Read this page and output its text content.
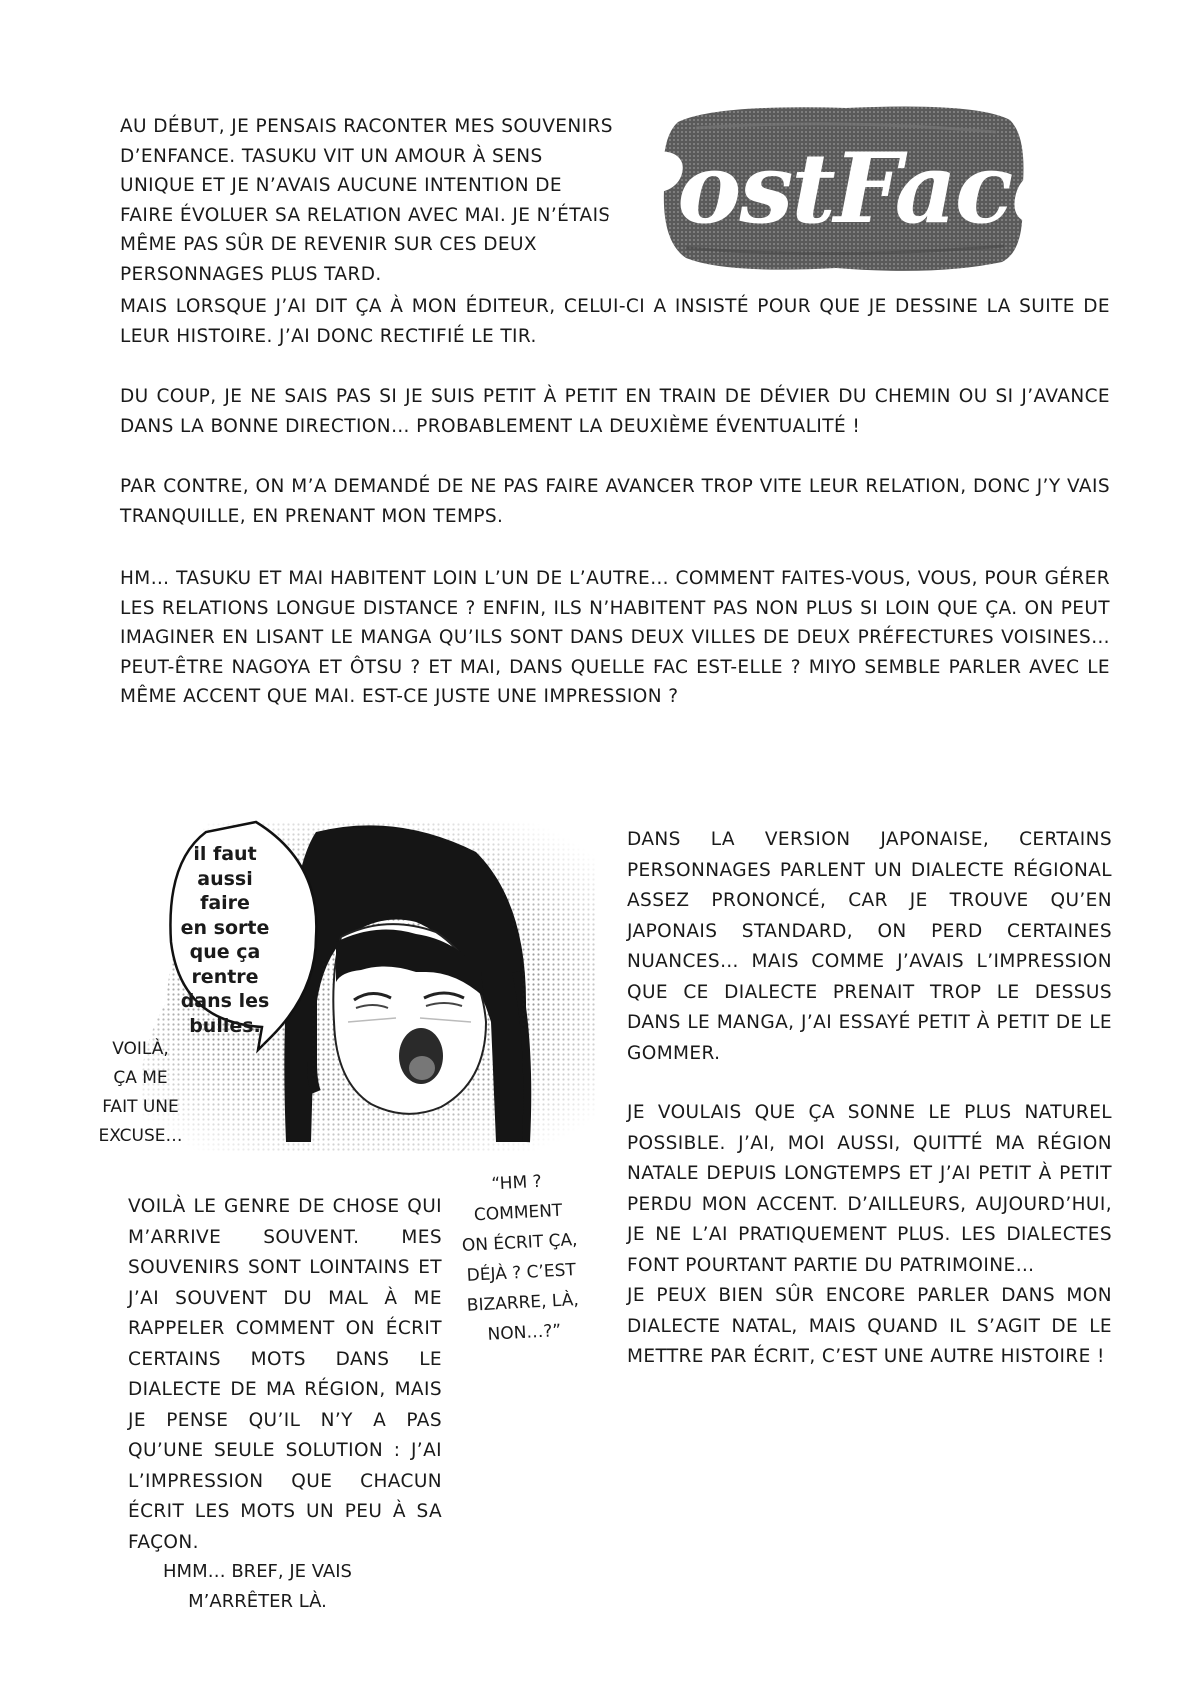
AU DÉBUT, JE PENSAIS RACONTER MES SOUVENIRS D’ENFANCE. TASUKU VIT UN AMOUR À SENS UNIQUE ET JE N’AVAIS AUCUNE INTENTION DE FAIRE ÉVOLUER SA RELATION AVEC MAI. JE N’ÉTAIS MÊME PAS SÛR DE REVENIR SUR CES DEUX PERSONNAGES PLUS TARD.

PostFace

MAIS LORSQUE J’AI DIT ÇA À MON ÉDITEUR, CELUI-CI A INSISTÉ POUR QUE JE DESSINE LA SUITE DE LEUR HISTOIRE. J’AI DONC RECTIFIÉ LE TIR.

DU COUP, JE NE SAIS PAS SI JE SUIS PETIT À PETIT EN TRAIN DE DÉVIER DU CHEMIN OU SI J’AVANCE DANS LA BONNE DIRECTION… PROBABLEMENT LA DEUXIÈME ÉVENTUALITÉ !

PAR CONTRE, ON M’A DEMANDÉ DE NE PAS FAIRE AVANCER TROP VITE LEUR RELATION, DONC J’Y VAIS TRANQUILLE, EN PRENANT MON TEMPS.

HM… TASUKU ET MAI HABITENT LOIN L’UN DE L’AUTRE… COMMENT FAITES-VOUS, VOUS, POUR GÉRER LES RELATIONS LONGUE DISTANCE ? ENFIN, ILS N’HABITENT PAS NON PLUS SI LOIN QUE ÇA. ON PEUT IMAGINER EN LISANT LE MANGA QU’ILS SONT DANS DEUX VILLES DE DEUX PRÉFECTURES VOISINES… PEUT-ÊTRE NAGOYA ET ÔTSU ? ET MAI, DANS QUELLE FAC EST-ELLE ? MIYO SEMBLE PARLER AVEC LE MÊME ACCENT QUE MAI. EST-CE JUSTE UNE IMPRESSION ?

il faut
aussi faire
en sorte
que ça
rentre
dans les
bulles.
VOILÀ,
ÇA ME
FAIT UNE
EXCUSE…
“HM ?
COMMENT
ON ÉCRIT ÇA,
DÉJÀ ? C’EST
BIZARRE, LÀ,
NON…?”

VOILÀ LE GENRE DE CHOSE QUI M’ARRIVE SOUVENT. MES SOUVENIRS SONT LOINTAINS ET J’AI SOUVENT DU MAL À ME RAPPELER COMMENT ON ÉCRIT CERTAINS MOTS DANS LE DIALECTE DE MA RÉGION, MAIS JE PENSE QU’IL N’Y A PAS QU’UNE SEULE SOLUTION : J’AI L’IMPRESSION QUE CHACUN ÉCRIT LES MOTS UN PEU À SA FAÇON.

DANS LA VERSION JAPONAISE, CERTAINS PERSONNAGES PARLENT UN DIALECTE RÉGIONAL ASSEZ PRONONCÉ, CAR JE TROUVE QU’EN JAPONAIS STANDARD, ON PERD CERTAINES NUANCES… MAIS COMME J’AVAIS L’IMPRESSION QUE CE DIALECTE PRENAIT TROP LE DESSUS DANS LE MANGA, J’AI ESSAYÉ PETIT À PETIT DE LE GOMMER.
JE VOULAIS QUE ÇA SONNE LE PLUS NATUREL POSSIBLE. J’AI, MOI AUSSI, QUITTÉ MA RÉGION NATALE DEPUIS LONGTEMPS ET J’AI PETIT À PETIT PERDU MON ACCENT. D’AILLEURS, AUJOURD’HUI, JE NE L’AI PRATIQUEMENT PLUS. LES DIALECTES FONT POURTANT PARTIE DU PATRIMOINE…
JE PEUX BIEN SÛR ENCORE PARLER DANS MON DIALECTE NATAL, MAIS QUAND IL S’AGIT DE LE METTRE PAR ÉCRIT, C’EST UNE AUTRE HISTOIRE !
HMM… BREF, JE VAIS
M’ARRÊTER LÀ.
